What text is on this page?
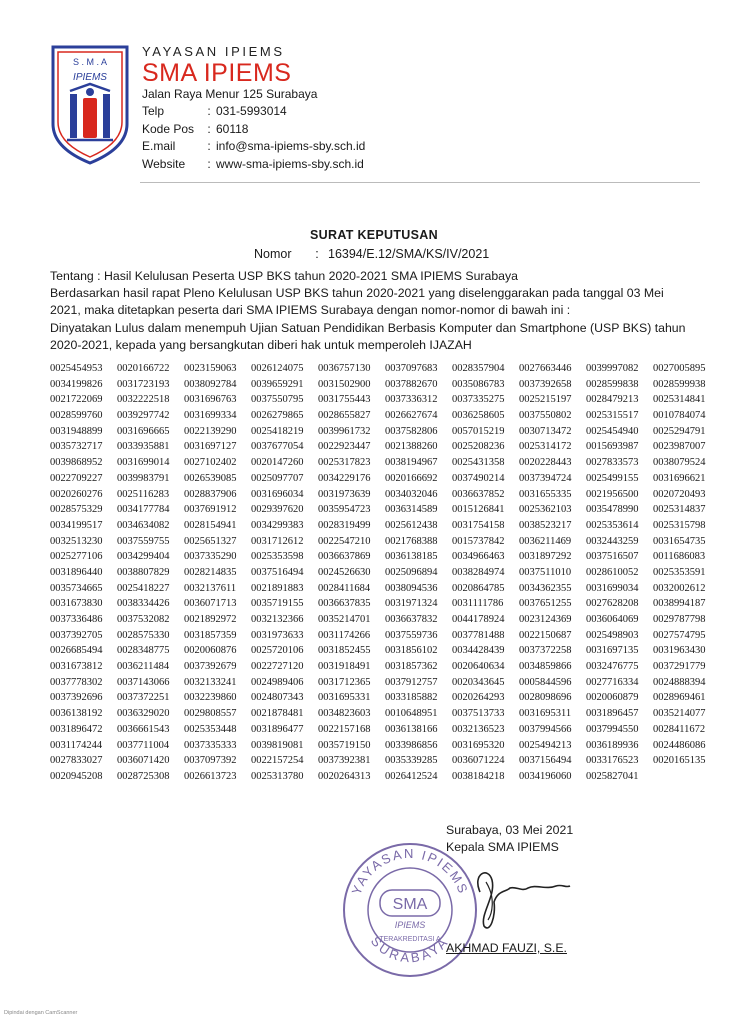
S . M . A
IPIEMS
YAYASAN IPIEMS
SMA IPIEMS
Jalan Raya Menur 125 Surabaya
Telp	: 031-5993014
Kode Pos	: 60118
E.mail	: info@sma-ipiems-sby.sch.id
Website	: www-sma-ipiems-sby.sch.id
SURAT KEPUTUSAN
Nomor	: 16394/E.12/SMA/KS/IV/2021

Tentang : Hasil Kelulusan Peserta USP BKS tahun 2020-2021 SMA IPIEMS Surabaya

Berdasarkan hasil rapat Pleno Kelulusan USP BKS tahun 2020-2021 yang diselenggarakan pada tanggal 03 Mei

2021, maka ditetapkan peserta dari SMA IPIEMS Surabaya dengan nomor-nomor di bawah ini :

Dinyatakan Lulus dalam menempuh Ujian Satuan Pendidikan Berbasis Komputer dan Smartphone (USP BKS) tahun

2020-2021, kepada yang bersangkutan diberi hak untuk memperoleh IJAZAH

0025454953	0020166722	0023159063	0026124075	0036757130	0037097683	0028357904	0027663446	0039997082	0027005895
0034199826	0031723193	0038092784	0039659291	0031502900	0037882670	0035086783	0037392658	0028599838	0028599938
0021722069	0032222518	0031696763	0037550795	0031755443	0037336312	0037335275	0025215197	0028479213	0025314841
0028599760	0039297742	0031699334	0026279865	0028655827	0026627674	0036258605	0037550802	0025315517	0010784074
0031948899	0031696665	0022139290	0025418219	0039961732	0037582806	0057015219	0030713472	0025454940	0025294791
0035732717	0033935881	0031697127	0037677054	0022923447	0021388260	0025208236	0025314172	0015693987	0023987007
0039868952	0031699014	0027102402	0020147260	0025317823	0038194967	0025431358	0020228443	0027833573	0038079524
0022709227	0039983791	0026539085	0025097707	0034229176	0020166692	0037490214	0037394724	0025499155	0031696621
0020260276	0025116283	0028837906	0031696034	0031973639	0034032046	0036637852	0031655335	0021956500	0020720493
0028575329	0034177784	0037691912	0029397620	0035954723	0036314589	0015126841	0025362103	0035478990	0025314837
0034199517	0034634082	0028154941	0034299383	0028319499	0025612438	0031754158	0038523217	0025353614	0025315798
0032513230	0037559755	0025651327	0031712612	0022547210	0021768388	0015737842	0036211469	0032443259	0031654735
0025277106	0034299404	0037335290	0025353598	0036637869	0036138185	0034966463	0031897292	0037516507	0011686083
0031896440	0038807829	0028214835	0037516494	0024526630	0025096894	0038284974	0037511010	0028610052	0025353591
0035734665	0025418227	0032137611	0021891883	0028411684	0038094536	0020864785	0034362355	0031699034	0032002612
0031673830	0038334426	0036071713	0035719155	0036637835	0031971324	0031111786	0037651255	0027628208	0038994187
0037336486	0037532082	0021892972	0032132366	0035214701	0036637832	0044178924	0023124369	0036064069	0029787798
0037392705	0028575330	0031857359	0031973633	0031174266	0037559736	0037781488	0022150687	0025498903	0027574795
0026685494	0028348775	0020060876	0025720106	0031852455	0031856102	0034428439	0037372258	0031697135	0031963430
0031673812	0036211484	0037392679	0022727120	0031918491	0031857362	0020640634	0034859866	0032476775	0037291779
0037778302	0037143066	0032133241	0024989406	0031712365	0037912757	0020343645	0005844596	0027716334	0024888394
0037392696	0037372251	0032239860	0024807343	0031695331	0033185882	0020264293	0028098696	0020060879	0028969461
0036138192	0036329020	0029808557	0021878481	0034823603	0010648951	0037513733	0031695311	0031896457	0035214077
0031896472	0036661543	0025353448	0031896477	0022157168	0036138166	0032136523	0037994566	0037994550	0028411672
0031174244	0037711004	0037335333	0039819081	0035719150	0033986856	0031695320	0025494213	0036189936	0024486086
0027833027	0036071420	0037097392	0022157254	0037392381	0035339285	0036071224	0037156494	0033176523	0020165135
0020945208	0028725308	0026613723	0025313780	0020264313	0026412524	0038184218	0034196060	0025827041
Surabaya, 03 Mei 2021
Kepala SMA IPIEMS
YAYASAN IPIEMS
SURABAYA
SMA
IPIEMS
TERAKREDITASI A
AKHMAD FAUZI, S.E.
Dipindai dengan CamScanner
